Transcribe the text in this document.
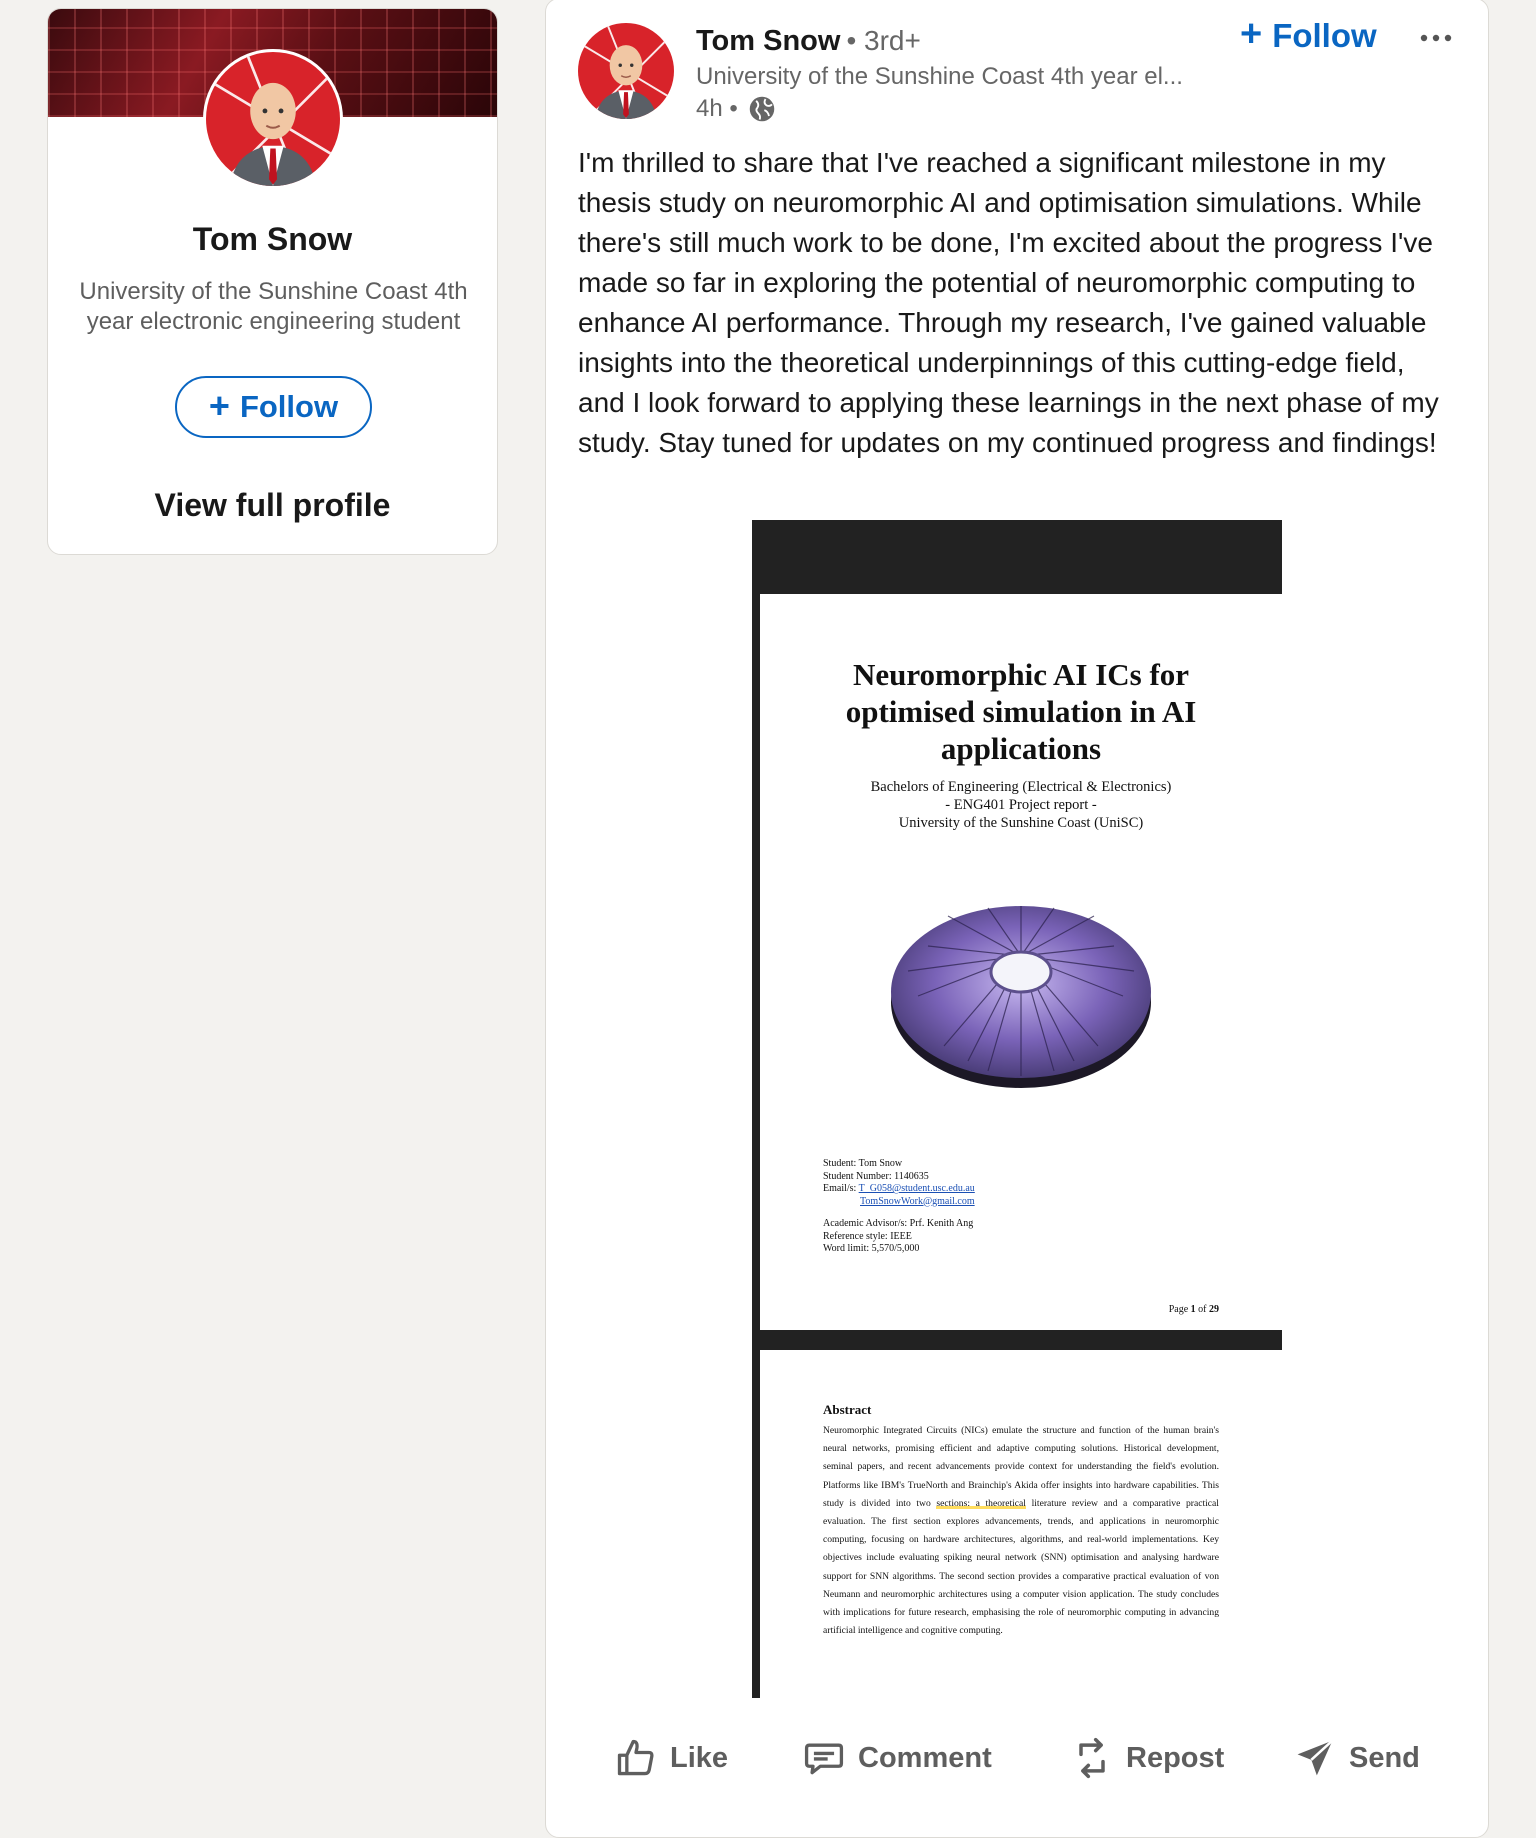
Tom Snow
University of the Sunshine Coast 4th year electronic engineering student
+ Follow
View full profile
Tom Snow • 3rd+
University of the Sunshine Coast 4th year el...
4h •
+ Follow
I'm thrilled to share that I've reached a significant milestone in my thesis study on neuromorphic AI and optimisation simulations. While there's still much work to be done, I'm excited about the progress I've made so far in exploring the potential of neuromorphic computing to enhance AI performance. Through my research, I've gained valuable insights into the theoretical underpinnings of this cutting-edge field, and I look forward to applying these learnings in the next phase of my study. Stay tuned for updates on my continued progress and findings!
Neuromorphic AI ICs for
optimised simulation in AI
applications
Bachelors of Engineering (Electrical & Electronics)
- ENG401 Project report -
University of the Sunshine Coast (UniSC)
Student: Tom Snow
Student Number: 1140635
Email/s: T_G058@student.usc.edu.au
TomSnowWork@gmail.com
Academic Advisor/s: Prf. Kenith Ang
Reference style: IEEE
Word limit: 5,570/5,000
Page 1 of 29
Abstract
Neuromorphic Integrated Circuits (NICs) emulate the structure and function of the human brain's neural networks, promising efficient and adaptive computing solutions. Historical development, seminal papers, and recent advancements provide context for understanding the field's evolution. Platforms like IBM's TrueNorth and Brainchip's Akida offer insights into hardware capabilities. This study is divided into two sections: a theoretical literature review and a comparative practical evaluation. The first section explores advancements, trends, and applications in neuromorphic computing, focusing on hardware architectures, algorithms, and real-world implementations. Key objectives include evaluating spiking neural network (SNN) optimisation and analysing hardware support for SNN algorithms. The second section provides a comparative practical evaluation of von Neumann and neuromorphic architectures using a computer vision application. The study concludes with implications for future research, emphasising the role of neuromorphic computing in advancing artificial intelligence and cognitive computing.
Like	Comment	Repost	Send
